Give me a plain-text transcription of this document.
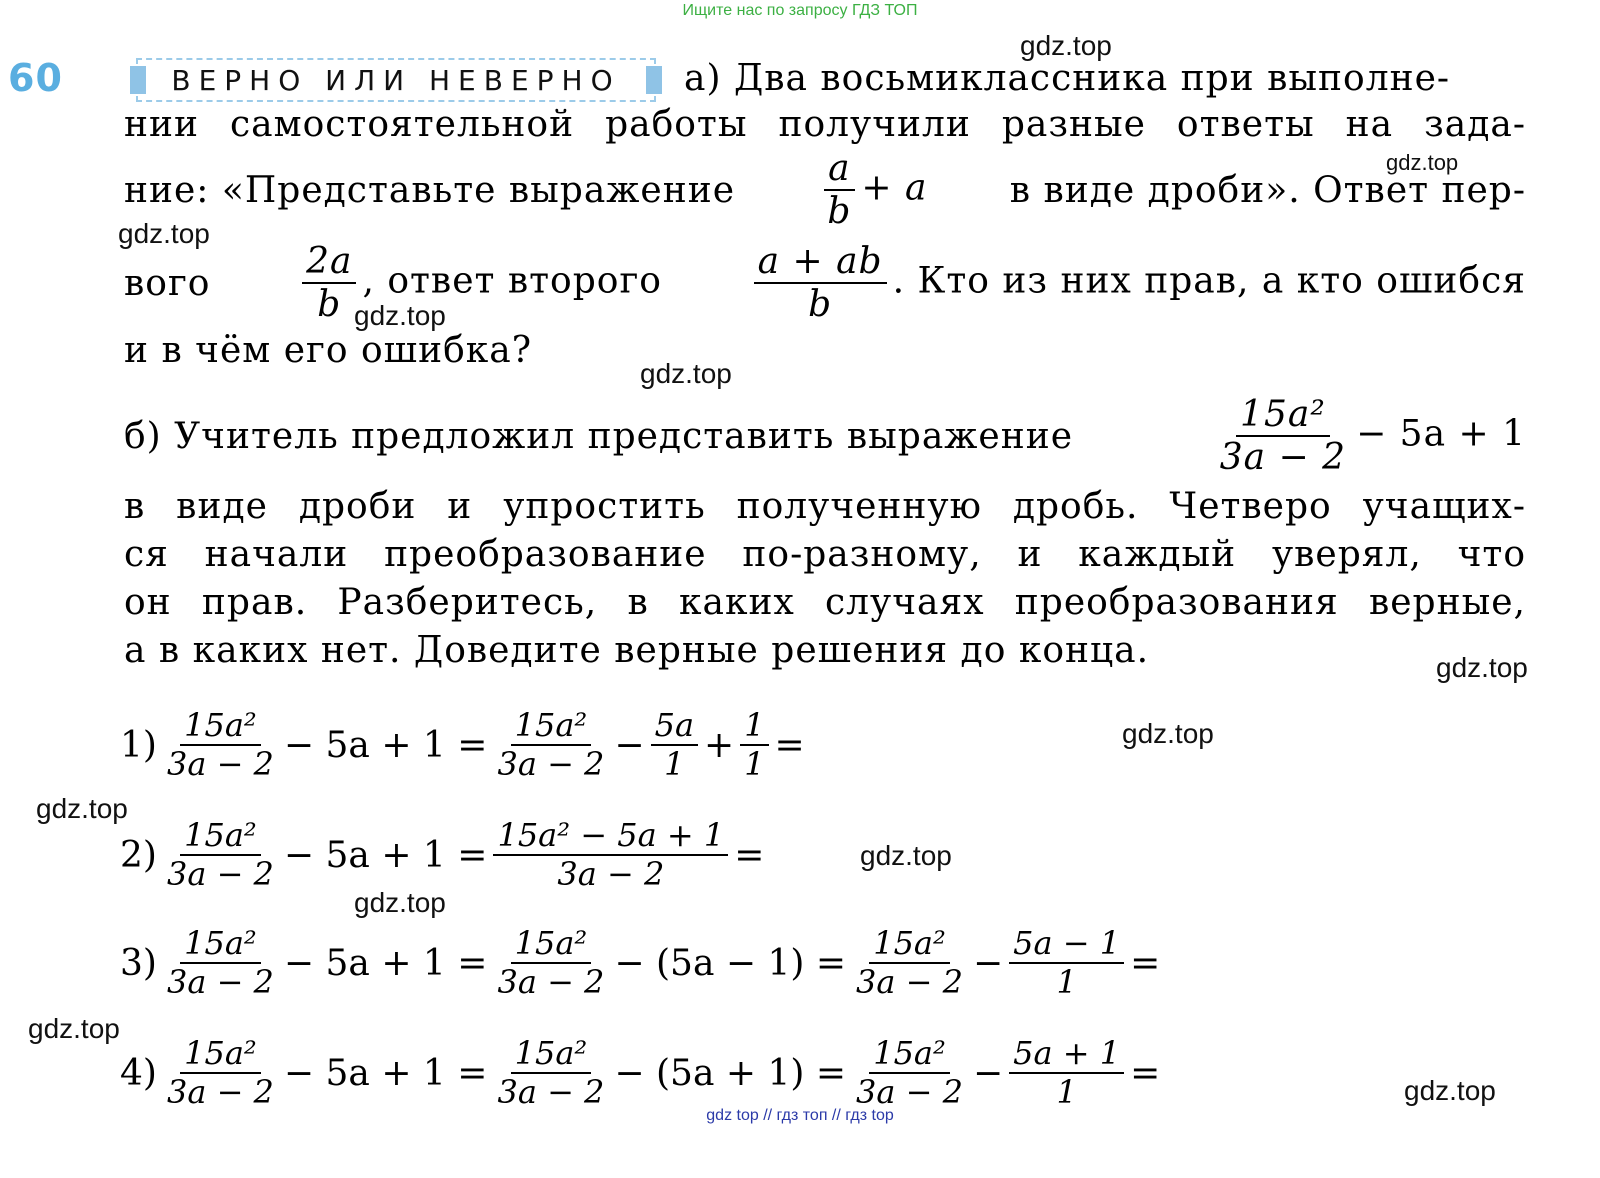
Ищите нас по запросу ГДЗ ТОП
gdz top // гдз топ // гдз top
gdz.top
gdz.top
gdz.top
gdz.top
gdz.top
gdz.top
gdz.top
gdz.top
gdz.top
gdz.top
gdz.top
gdz.top
60	ВЕРНО ИЛИ НЕВЕРНО а) Два восьмиклассника при выполне-
нии самостоятельной работы получили разные ответы на зада-
ние: «Представьте выражение $\frac{a}{b} + a$ в виде дроби». Ответ пер-
вого	$\frac{2a}{b}$ , ответ второго	$\frac{a + ab}{b}$ . Кто из них прав, а кто ошибся
и в чём его ошибка?
б) Учитель предложил представить выражение	$\frac{\text{15a²}}{3a - 2} - 5a + 1$
в виде дроби и упростить полученную дробь. Четверо учащих-
ся начали преобразование по-разному, и каждый уверял, что
он прав. Разберитесь, в каких случаях преобразования верные,
а в каких нет. Доведите верные решения до конца.
$1) \frac{\text{15a²}}{3a - 2} - 5a + 1 = \frac{\text{15a²}}{3a - 2} - \frac{5a}{1} + \frac{1}{1}$ =
$2) \frac{\text{15a²}}{3a - 2} - 5a + 1 = \frac{\text{15a² − 5a + 1}}{3a - 2}$ =
$3) \frac{\text{15a²}}{3a - 2} - 5a + 1 = \frac{\text{15a²}}{3a - 2} - (5a - 1) = \frac{\text{15a²}}{3a - 2} - \frac{5a - 1}{1}$ =
$4) \frac{\text{15a²}}{3a - 2} - 5a + 1 = \frac{\text{15a²}}{3a - 2} - (5a + 1) = \frac{\text{15a²}}{3a - 2} - \frac{5a + 1}{1}$ =
